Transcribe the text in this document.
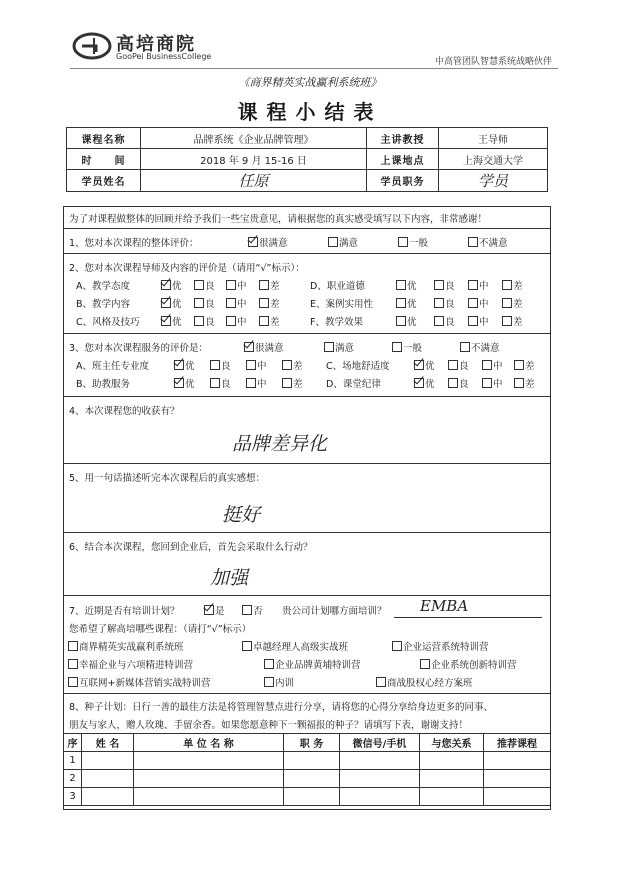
高培商院
GooPei BusinessCollege
中高管团队智慧系统战略伙伴
《商界精英实战赢利系统班》
课程小结表
课程名称	品牌系统《企业品牌管理》	主讲教授	王导师
时　　间	2018 年 9 月 15-16 日	上课地点	上海交通大学
学员姓名	任原	学员职务	学员
为了对课程做整体的回顾并给予我们一些宝贵意见，请根据您的真实感受填写以下内容，非常感谢！
1、您对本次课程的整体评价：	很满意	满意	一般	不满意
2、您对本次课程导师及内容的评价是（请用“√”标示）：
A、教学态度	优	良	中	差	D、职业道德	优	良	中	差
B、教学内容	优	良	中	差	E、案例实用性	优	良	中	差
C、风格及技巧	优	良	中	差	F、教学效果	优	良	中	差
3、您对本次课程服务的评价是：	很满意	满意	一般	不满意
A、班主任专业度	优	良	中	差 C、场地舒适度	优	良	中	差
B、助教服务	优	良	中	差 D、课堂纪律	优	良	中	差
4、本次课程您的收获有？
品牌差异化
5、用一句话描述听完本次课程后的真实感想：
挺好
6、结合本次课程，您回到企业后，首先会采取什么行动？
加强
7、近期是否有培训计划？	是	否 贵公司计划哪方面培训？ EMBA
您希望了解高培哪些课程：（请打“√”标示）
商界精英实战赢利系统班	卓越经理人高级实战班	企业运营系统特训营
幸福企业与六项精进特训营	企业品牌黄埔特训营	企业系统创新特训营
互联网+新媒体营销实战特训营	内训	商战股权心经方案班
8、种子计划：日行一善的最佳方法是将管理智慧点进行分享，请将您的心得分享给身边更多的同事、
朋友与家人，赠人玫瑰、手留余香。如果您愿意种下一颗福报的种子？请填写下表，谢谢支持！
序	姓 名	单 位 名 称	职 务	微信号/手机	与您关系	推荐课程
1						
2						
3						
